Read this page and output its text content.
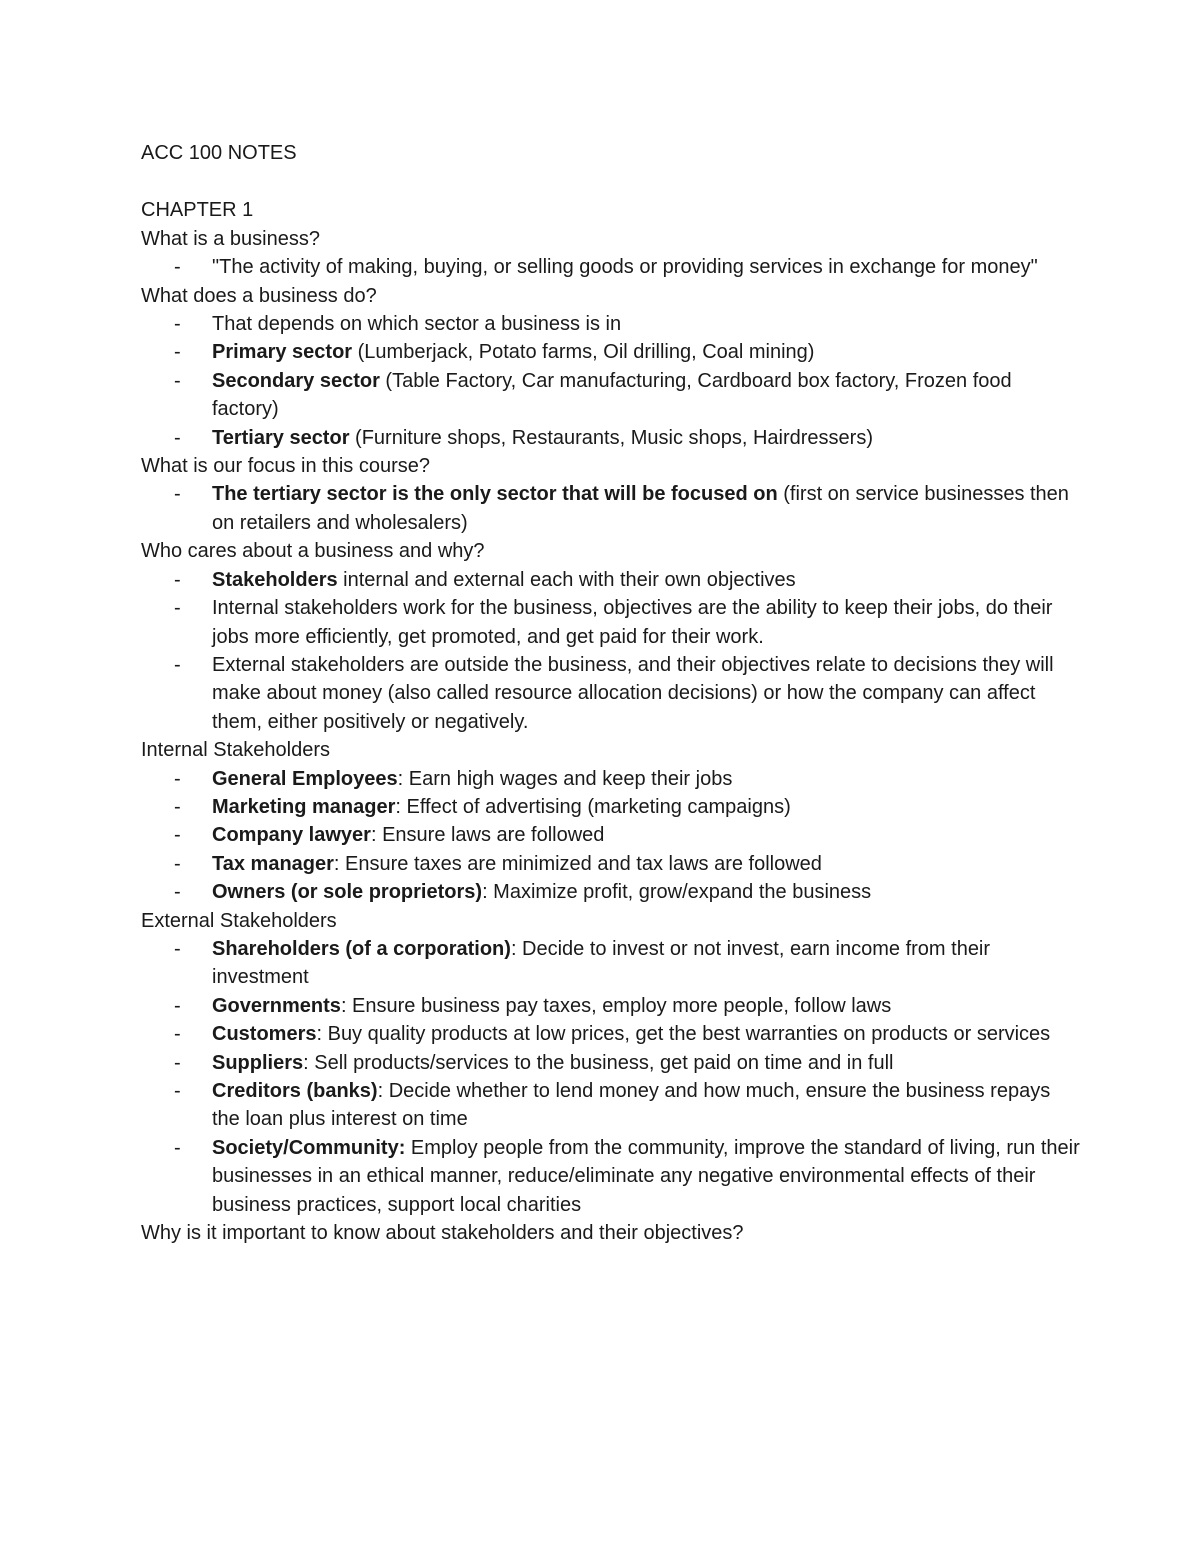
ACC 100 NOTES

CHAPTER 1

What is a business?

- "The activity of making, buying, or selling goods or providing services in exchange for money"

What does a business do?

- That depends on which sector a business is in
- Primary sector (Lumberjack, Potato farms, Oil drilling, Coal mining)
- Secondary sector (Table Factory, Car manufacturing, Cardboard box factory, Frozen food factory)
- Tertiary sector (Furniture shops, Restaurants, Music shops, Hairdressers)

What is our focus in this course?

- The tertiary sector is the only sector that will be focused on (first on service businesses then on retailers and wholesalers)

Who cares about a business and why?

- Stakeholders internal and external each with their own objectives
- Internal stakeholders work for the business, objectives are the ability to keep their jobs, do their jobs more efficiently, get promoted, and get paid for their work.
- External stakeholders are outside the business, and their objectives relate to decisions they will make about money (also called resource allocation decisions) or how the company can affect them, either positively or negatively.

Internal Stakeholders

- General Employees: Earn high wages and keep their jobs
- Marketing manager: Effect of advertising (marketing campaigns)
- Company lawyer: Ensure laws are followed
- Tax manager: Ensure taxes are minimized and tax laws are followed
- Owners (or sole proprietors): Maximize profit, grow/expand the business

External Stakeholders

- Shareholders (of a corporation): Decide to invest or not invest, earn income from their investment
- Governments: Ensure business pay taxes, employ more people, follow laws
- Customers: Buy quality products at low prices, get the best warranties on products or services
- Suppliers: Sell products/services to the business, get paid on time and in full
- Creditors (banks): Decide whether to lend money and how much, ensure the business repays the loan plus interest on time
- Society/Community: Employ people from the community, improve the standard of living, run their businesses in an ethical manner, reduce/eliminate any negative environmental effects of their business practices, support local charities

Why is it important to know about stakeholders and their objectives?
